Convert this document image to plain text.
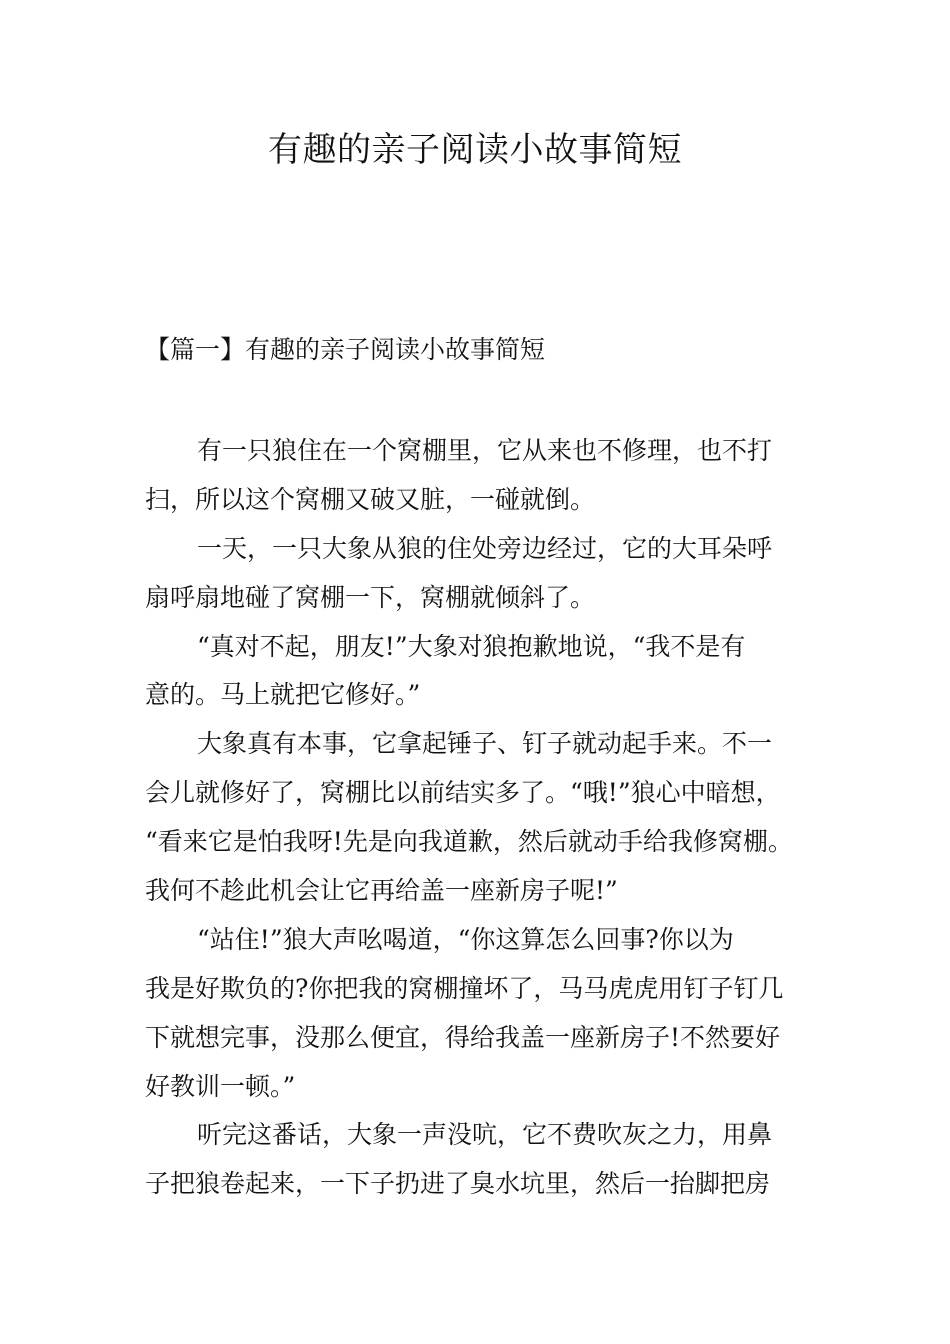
有趣的亲子阅读小故事简短
【篇一】有趣的亲子阅读小故事简短
有一只狼住在一个窝棚里，它从来也不修理，也不打
扫，所以这个窝棚又破又脏，一碰就倒。
一天，一只大象从狼的住处旁边经过，它的大耳朵呼
扇呼扇地碰了窝棚一下，窝棚就倾斜了。
“真对不起，朋友!”大象对狼抱歉地说，“我不是有
意的。马上就把它修好。”
大象真有本事，它拿起锤子、钉子就动起手来。不一
会儿就修好了，窝棚比以前结实多了。“哦!”狼心中暗想，
“看来它是怕我呀!先是向我道歉，然后就动手给我修窝棚。
我何不趁此机会让它再给盖一座新房子呢!”
“站住!”狼大声吆喝道，“你这算怎么回事?你以为
我是好欺负的?你把我的窝棚撞坏了，马马虎虎用钉子钉几
下就想完事，没那么便宜，得给我盖一座新房子!不然要好
好教训一顿。”
听完这番话，大象一声没吭，它不费吹灰之力，用鼻
子把狼卷起来，一下子扔进了臭水坑里，然后一抬脚把房
